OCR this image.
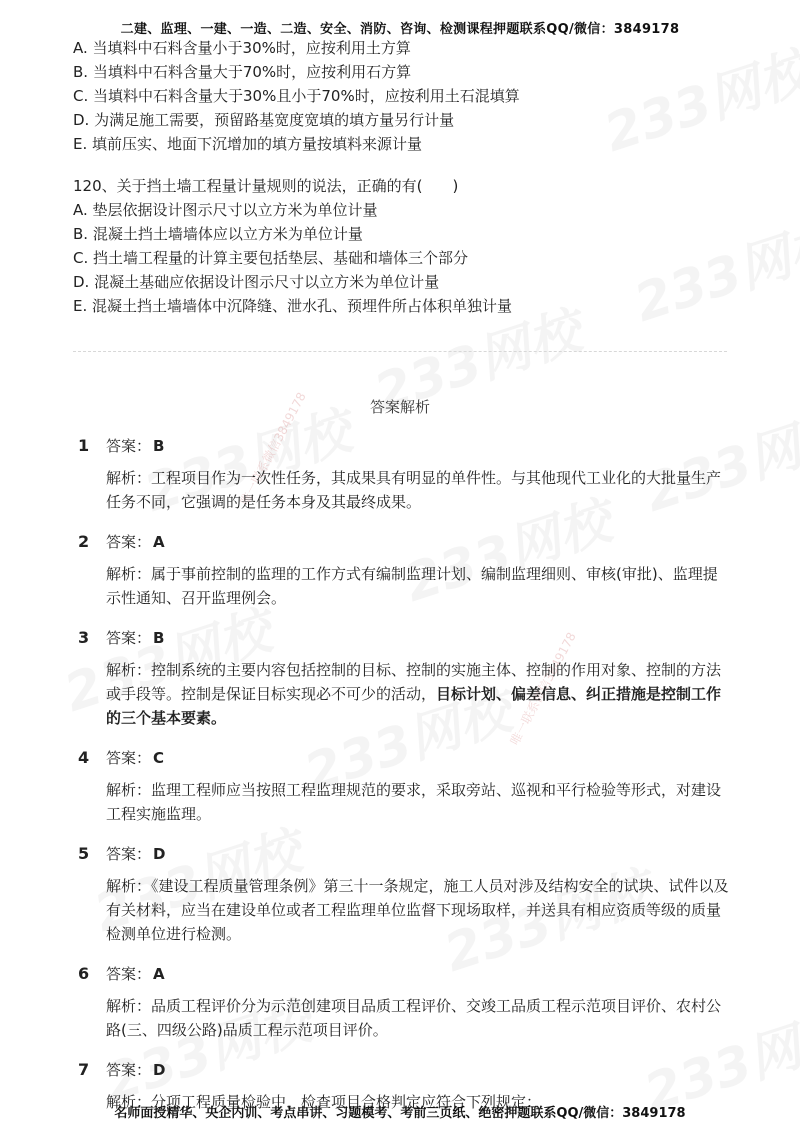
唯一联系微信3849178
唯一联系微信3849178
二建、监理、一建、一造、二造、安全、消防、咨询、检测课程押题联系QQ/微信：3849178
A. 当填料中石料含量小于30%时，应按利用土方算
B. 当填料中石料含量大于70%时，应按利用石方算
C. 当填料中石料含量大于30%且小于70%时，应按利用土石混填算
D. 为满足施工需要，预留路基宽度宽填的填方量另行计量
E. 填前压实、地面下沉增加的填方量按填料来源计量
120、关于挡土墙工程量计量规则的说法，正确的有(　　)
A. 垫层依据设计图示尺寸以立方米为单位计量
B. 混凝土挡土墙墙体应以立方米为单位计量
C. 挡土墙工程量的计算主要包括垫层、基础和墙体三个部分
D. 混凝土基础应依据设计图示尺寸以立方米为单位计量
E. 混凝土挡土墙墙体中沉降缝、泄水孔、预埋件所占体积单独计量
答案解析
1 答案： B
解析：工程项目作为一次性任务，其成果具有明显的单件性。与其他现代工业化的大批量生产任务不同，它强调的是任务本身及其最终成果。
2 答案： A
解析：属于事前控制的监理的工作方式有编制监理计划、编制监理细则、审核(审批)、监理提示性通知、召开监理例会。
3 答案： B
解析：控制系统的主要内容包括控制的目标、控制的实施主体、控制的作用对象、控制的方法或手段等。控制是保证目标实现必不可少的活动，目标计划、偏差信息、纠正措施是控制工作的三个基本要素。
4 答案： C
解析：监理工程师应当按照工程监理规范的要求，采取旁站、巡视和平行检验等形式，对建设工程实施监理。
5 答案： D
解析：《建设工程质量管理条例》第三十一条规定，施工人员对涉及结构安全的试块、试件以及有关材料，应当在建设单位或者工程监理单位监督下现场取样，并送具有相应资质等级的质量检测单位进行检测。
6 答案： A
解析：品质工程评价分为示范创建项目品质工程评价、交竣工品质工程示范项目评价、农村公路(三、四级公路)品质工程示范项目评价。
7 答案： D
解析：分项工程质量检验中，检查项目合格判定应符合下列规定：
名师面授精华、央企内训、考点串讲、习题模考、考前三页纸、绝密押题联系QQ/微信：3849178
